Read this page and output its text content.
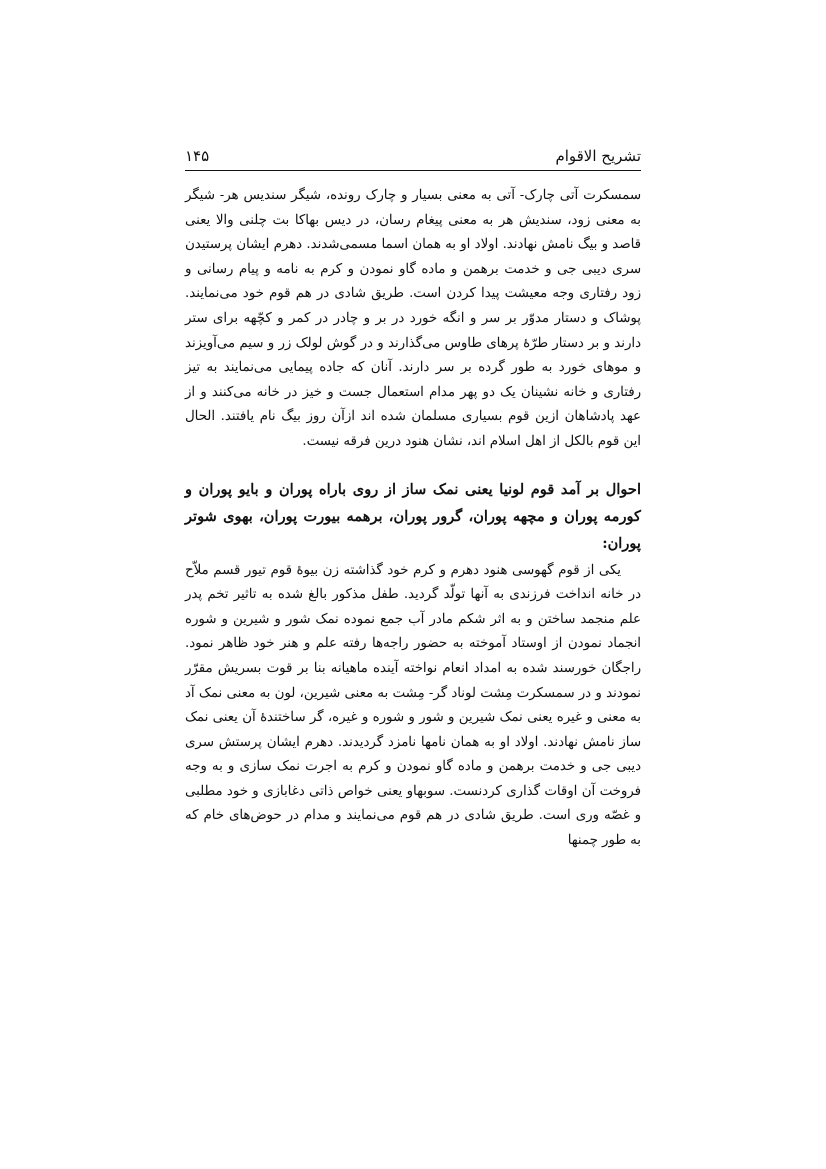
تشریح الاقوام
۱۴۵

سمسکرت آتی چارک- آتی به معنی بسیار و چارک رونده، شیگر سندیس هر- شیگر به معنی زود، سندیش هر به معنی پیغام رسان، در دیس بهاکا بت چلنی والا یعنی قاصد و بیگ نامش نهادند. اولاد او به همان اسما مسمی‌شدند. دهرم ایشان پرستیدن سری دیبی جی و خدمت برهمن و ماده گاو نمودن و کرم به نامه و پیام رسانی و زود رفتاری وجه معیشت پیدا کردن است. طریق شادی در هم قوم خود می‌نمایند. پوشاک و دستار مدوّر بر سر و انگه خورد در بر و چادر در کمر و کچّهه برای ستر دارند و بر دستار طرّهٔ پرهای طاوس می‌گذارند و در گوش لولک زر و سیم می‌آویزند و موهای خورد به طور گرده بر سر دارند. آنان که جاده پیمایی می‌نمایند به تیز رفتاری و خانه نشینان یک دو پهر مدام استعمال جست و خیز در خانه می‌کنند و از عهد پادشاهان ازین قوم بسیاری مسلمان شده اند ازآن روز بیگ نام یافتند. الحال این قوم بالکل از اهل اسلام اند، نشان هنود درین فرقه نیست.

احوال بر آمد قوم لونیا یعنی نمک ساز از روی باراه پوران و بایو پوران و کورمه پوران و مچهه پوران، گرور پوران، برهمه بیورت پوران، بهوی شوتر پوران:

یکی از قوم گهوسی هنود دهرم و کرم خود گذاشته زن بیوهٔ قوم تیور قسم ملاّح در خانه انداخت فرزندی به آنها تولّد گردید. طفل مذکور بالغ شده به تاثیر تخم پدر علم منجمد ساختن و به اثر شکم مادر آب جمع نموده نمک شور و شیرین و شوره انجماد نمودن از اوستاد آموخته به حضور راجه‌ها رفته علم و هنر خود ظاهر نمود. راجگان خورسند شده به امداد انعام نواخته آینده ماهیانه بنا بر قوت بسریش مقرّر نمودند و در سمسکرت مِشت لوناد گر- مِشت به معنی شیرین، لون به معنی نمک آد به معنی و غیره یعنی نمک شیرین و شور و شوره و غیره، گر ساختندهٔ آن یعنی نمک ساز نامش نهادند. اولاد او به همان نامها نامزد گردیدند. دهرم ایشان پرستش سری دیبی جی و خدمت برهمن و ماده گاو نمودن و کرم به اجرت نمک سازی و به وجه فروخت آن اوقات گذاری کردنست. سوبهاو یعنی خواص ذاتی دغابازی و خود مطلبی و غصّه وری است. طریق شادی در هم قوم می‌نمایند و مدام در حوض‌های خام که به طور چمنها
